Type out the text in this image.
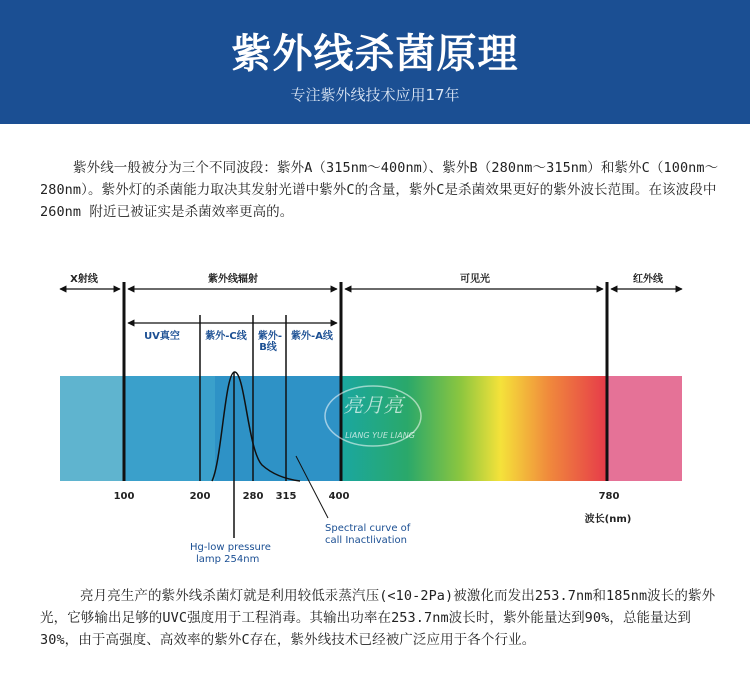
紫外线杀菌原理
专注紫外线技术应用17年
紫外线一般被分为三个不同波段：紫外A（315nm～400nm）、紫外B（280nm～315nm）和紫外C（100nm～280nm）。紫外灯的杀菌能力取决其发射光谱中紫外C的含量，紫外C是杀菌效果更好的紫外波长范围。在该波段中260nm 附近已被证实是杀菌效率更高的。
X射线	紫外线辐射	可见光	红外线
UV真空	紫外-C线 紫外-
B线
紫外-A线
亮月亮
LIANG YUE LIANG
100	200	280 315	400	780
波长(nm)
Spectral curve of
call Inactlivation
Hg-low pressure
lamp 254nm
亮月亮生产的紫外线杀菌灯就是利用较低汞蒸汽压(<10-2Pa)被激化而发出253.7nm和185nm波长的紫外光，它够输出足够的UVC强度用于工程消毒。其输出功率在253.7nm波长时，紫外能量达到90%，总能量达到30%，由于高强度、高效率的紫外C存在，紫外线技术已经被广泛应用于各个行业。
